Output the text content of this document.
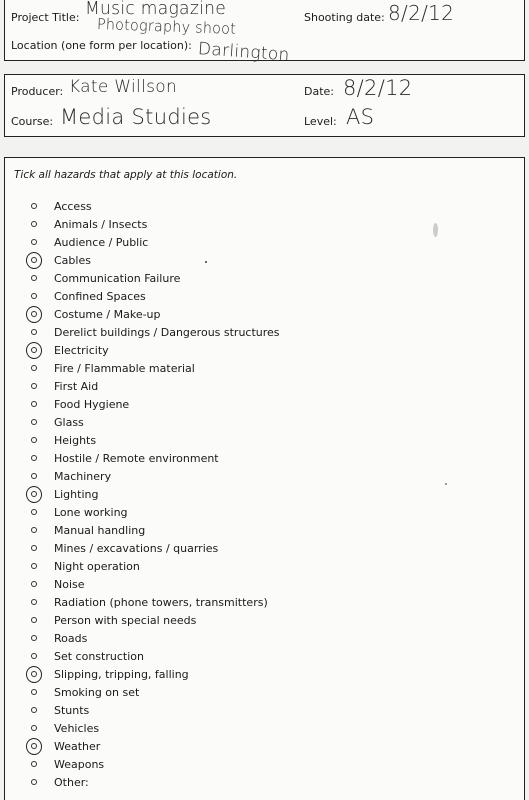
Project Title: Music magazine
Photography shoot	Shooting date: 8/2/12
Location (one form per location): Darlington
Producer: Kate Willson	Date: 8/2/12
Course: Media Studies	Level: AS
Tick all hazards that apply at this location.
Access
Animals / Insects
Audience / Public
Cables
Communication Failure
Confined Spaces
Costume / Make-up
Derelict buildings / Dangerous structures
Electricity
Fire / Flammable material
First Aid
Food Hygiene
Glass
Heights
Hostile / Remote environment
Machinery
Lighting
Lone working
Manual handling
Mines / excavations / quarries
Night operation
Noise
Radiation (phone towers, transmitters)
Person with special needs
Roads
Set construction
Slipping, tripping, falling
Smoking on set
Stunts
Vehicles
Weather
Weapons
Other:
